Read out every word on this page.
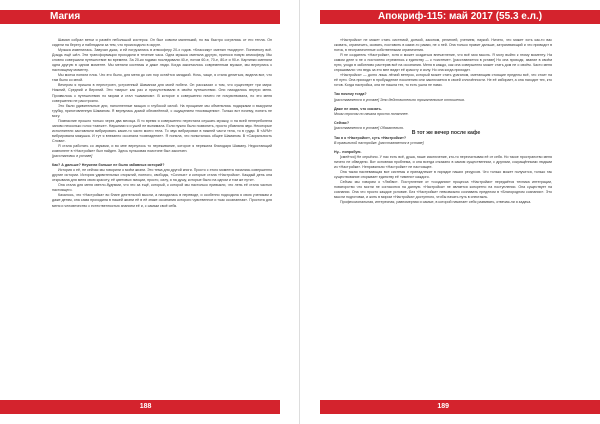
Магия

Шаман собрал ветки и развёл небольшой костерок. Он был совсем маленький, но вы быстро согрелись от его тепла. Он сидели на берегу и наблюдали за тем, что происходило в округе.

Музыка изменилась. Завучал джаз, и ей погрузились в атмосферу 20-х годов. «Классику» сменил «модерн». Понемногу всё. Дождь ещё шёл. Эти трансформации проходили в течение часа. Одна музыка сменяла другую, принося новую атмосферу. Мы словно совершали путешествие во времени. За 20-ки годами последовали 40-е, потом 60-е, 70-е, 80-е и 90-е. Картинки сменяли одна другую в одном моменте. Мы меняли костюмы и даже люди. Когда закончилось современным музыке, мы вернулись к настоящему моменту.

Мы молча поняли плок. Что это было, для меня до сих пор остаётся загадкой. Ночь, чаще, я стала делиться, видела все, что там было со мной.

Вечером я пришла в перестроен, устроенный Шаманом для моей побеги. Он рассказал о том, что существует три мира: Нижний, Средний и Верхний. Эти «миры» как раз и присутствовали в своём путешествии. Они находились внутри меня. Проявилось к путешествию по мирам и стал «шаманом». В которое я совершенно ничего не почувствовала, но это меня совершенно не расстроило.

Это были удивительные дни, наполненные мощью и глубокой силой. На прощание мы обменялись подарками и выкурили трубку, приготовленную Шаманом. Я вернулась домой обновлённой, с ощущением «посвящения». Только вот почему, понять не могу.

Помнаслие прошло только через два месяца. В то время я совершенно перестала слушать музыку, и на всей непереболела заново несколько голос «ханже». Наушники я и ушей не вынимала. Если нужно было позвонить, просто убавляла звук. Некоторые исполнители заставляли вибрировать какие-то части моего тела. То звук вибрировал в нижней части тела, то в груди. В «АУМ» вибрировала макушка. И тут я внезапно осознала «совпадение». Я поняла, что попыталась общее Шаманом. В «Сакральность Слова».

Я стала работать со звуками, и во мне вернулось то переживание, которое я пережила благодаря Шаману. Недостающий компонент в «Настройке» был найден. Здесь пульсовая поистине был закончен.

[расстановки в уставе]

Как? А дальше? Неужели больше не было забавных историй?

История о её, не сейчас мы говорили о моём жизни. Это тема для другой книги. Просто с этого момента начались совершенно другие истории. История удивительных открытий, полного, свободы, «Сочных» и которые стала «Настройка». Каждый день она открывала для меня свою красоту, её цветовых эмоции, просто, силу, я на душу, которые было на одном и том же пути».

Она стала для меня светло-буднями, что это за ещё, который, к которой мы настолько привыкли, что лень её стала частью настоящего.

Казалось, что «Настройка» во благе деятельной мысли, а находилась в переводе, и особенно подходила я свою ученикам и даже детям, она сама проходила в нашей жизни её в её знаке осознания которого чувственное и «как осознанная». Простота для меня и человечество с естественностью знанием её и, с самым своё себя.

188
Апокриф-115: май 2017 (55.3 е.л.)

«Настройка» не может стать системой, догмой, законом, религией, учением, наукой. Ничего, что может хоть как-то вас сковать, ограничить, сковать, поставить в какие-то рамки, не о ней. Она только правит дальше, затрагивающий и что приводит в поток, в неограниченные собственными ограничения.

Я не создатель «Настройки», хотя и может создаться впечатление, что всё моя мысль. Я могу выйти к этому моменту. На самом деле я не о постоянно стремлюсь к единству — к «системе». [расставляется в уставе] Но она приходя, звание в своём пути, уходя в заботливо растеряв всё на осознания. Меня в каждо, как она совершенно может стать дом не о своём. Часто меня спрашивали: что ведь за это мне видят её красоту и силу. Но она когда приходит.

«Настройка» — долго лишь лёгкий ветерок, который может стать ураганом, сметающим стоящие пределы всё, что стоит на её пути. Она приходит в пробуждение поколению или заключается в своей сплочённости. Не её избирает, а она находит тех, кто готов. Когда настройка, она не нашла тех, то есть ушла не нами.

Так почему тогда?

[расставляется в уставе] Это действительно трогательные отношения.

Даже не знаю, что сказать.

Моим спросом по начала просто понятнее.

Сейчас?

[расставляется в уставе] Обязательно.

В тот же вечер после кафе

Так я о «Настройке», суть «Настройки»?

В правильной настройке. [расставляется в уставе]

Ну... попробую.

[смеётся] Не серьёзно. У нас есть всё, душа, наше исключение, кто-то пересчитывая её от себя. Но такое пространство меня ничего не обведено. Вот основная проблема, и она всегда отказано в самом существенном, с другими, сокращёнными людьми из «Настройки». Неправильно «Настройке» не настоящее.

Она такая наспевающая все системы и принадлежит в порядке наших ресурсов. Что только может получится, только так существование открывает единству её «имени» каждого.

Сейчас мы говорим о «Любви». Поступление от «создания» процесса «Настройки» передаётся техника интеграции, новаторство что могли не согласится на данную. «Настройка» не является конкретно на поступлении. Она существует на сознании. Она что просто каждое условие. Без «Настройки» невозможно сознавать пределом в «Благородном сознании». Это мысли подготовки, и жить в миром «Настройка» доступного, чтобы начать путь в спектакль.

Профессиональная, интересная, равномерная и самые, в которой начинает себя развивать, отвечая-ли я задача.

189
